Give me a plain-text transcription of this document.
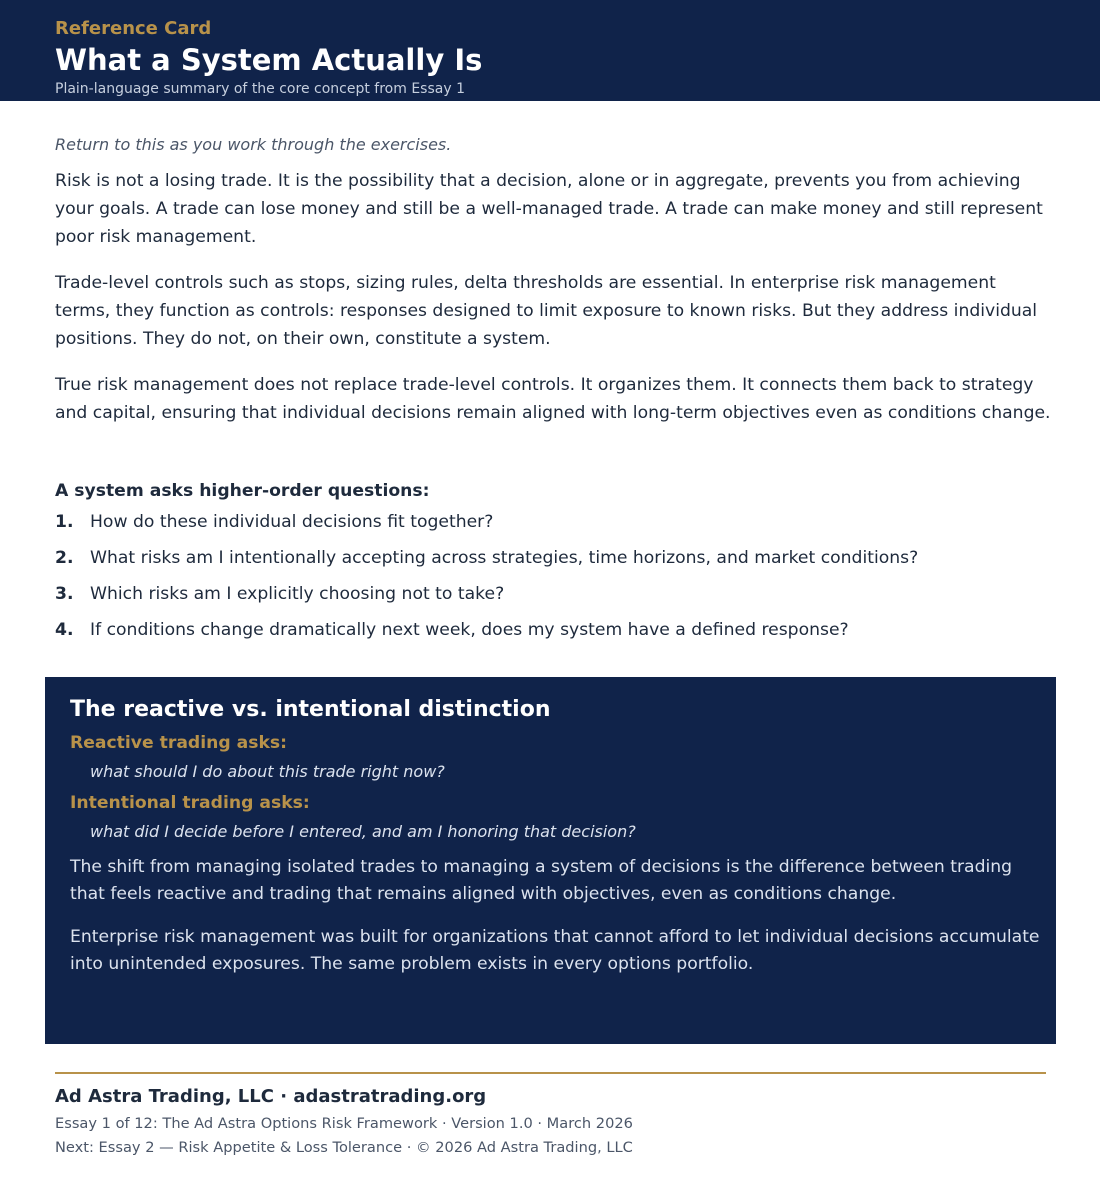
Reference Card
What a System Actually Is
Plain-language summary of the core concept from Essay 1
Return to this as you work through the exercises.

Risk is not a losing trade. It is the possibility that a decision, alone or in aggregate, prevents you from achieving your goals. A trade can lose money and still be a well-managed trade. A trade can make money and still represent poor risk management.

Trade-level controls such as stops, sizing rules, delta thresholds are essential. In enterprise risk management terms, they function as controls: responses designed to limit exposure to known risks. But they address individual positions. They do not, on their own, constitute a system.

True risk management does not replace trade-level controls. It organizes them. It connects them back to strategy and capital, ensuring that individual decisions remain aligned with long-term objectives even as conditions change.

A system asks higher-order questions:
1. How do these individual decisions fit together?
2. What risks am I intentionally accepting across strategies, time horizons, and market conditions?
3. Which risks am I explicitly choosing not to take?
4. If conditions change dramatically next week, does my system have a defined response?
The reactive vs. intentional distinction
Reactive trading asks:
what should I do about this trade right now?
Intentional trading asks:
what did I decide before I entered, and am I honoring that decision?

The shift from managing isolated trades to managing a system of decisions is the difference between trading that feels reactive and trading that remains aligned with objectives, even as conditions change.

Enterprise risk management was built for organizations that cannot afford to let individual decisions accumulate into unintended exposures. The same problem exists in every options portfolio.

Ad Astra Trading, LLC · adastratrading.org
Essay 1 of 12: The Ad Astra Options Risk Framework · Version 1.0 · March 2026
Next: Essay 2 — Risk Appetite & Loss Tolerance · © 2026 Ad Astra Trading, LLC
